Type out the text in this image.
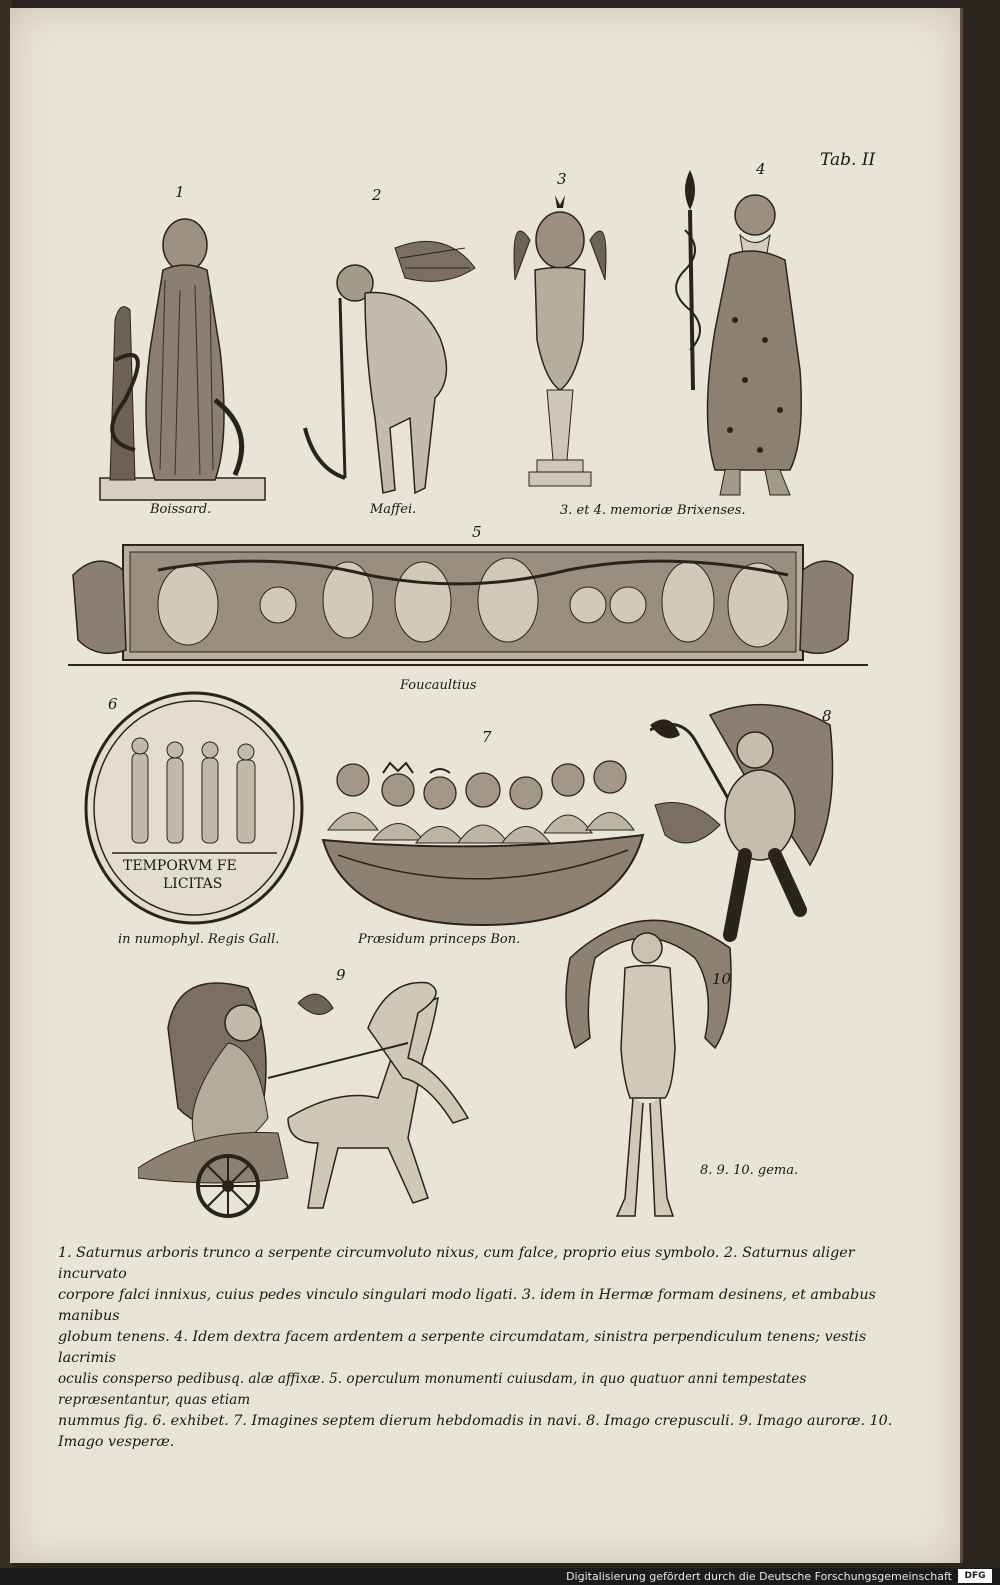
1
Boissard.
2
Maffei.
3
4
3. et 4. memoriæ Brixenses.
5
Foucaultius
6
TEMPORVM FE
LICITAS
in numophyl. Regis Gall.
7
Præsidum princeps Bon.
8
9	10
8. 9. 10. gema.
Tab. II
1. Saturnus arboris trunco a serpente circumvoluto nixus, cum falce, proprio eius symbolo. 2. Saturnus aliger incurvato
corpore falci innixus, cuius pedes vinculo singulari modo ligati. 3. idem in Hermæ formam desinens, et ambabus manibus
globum tenens. 4. Idem dextra facem ardentem a serpente circumdatam, sinistra perpendiculum tenens; vestis lacrimis
oculis conspersо pedibusq. alæ affixæ. 5. operculum monumenti cuiusdam, in quo quatuor anni tempestates repræsentantur, quas etiam
nummus fig. 6. exhibet. 7. Imagines septem dierum hebdomadis in navi. 8. Imago crepusculi. 9. Imago auroræ. 10. Imago vesperæ.
Digitalisierung gefördert durch die Deutsche Forschungsgemeinschaft	DFG
